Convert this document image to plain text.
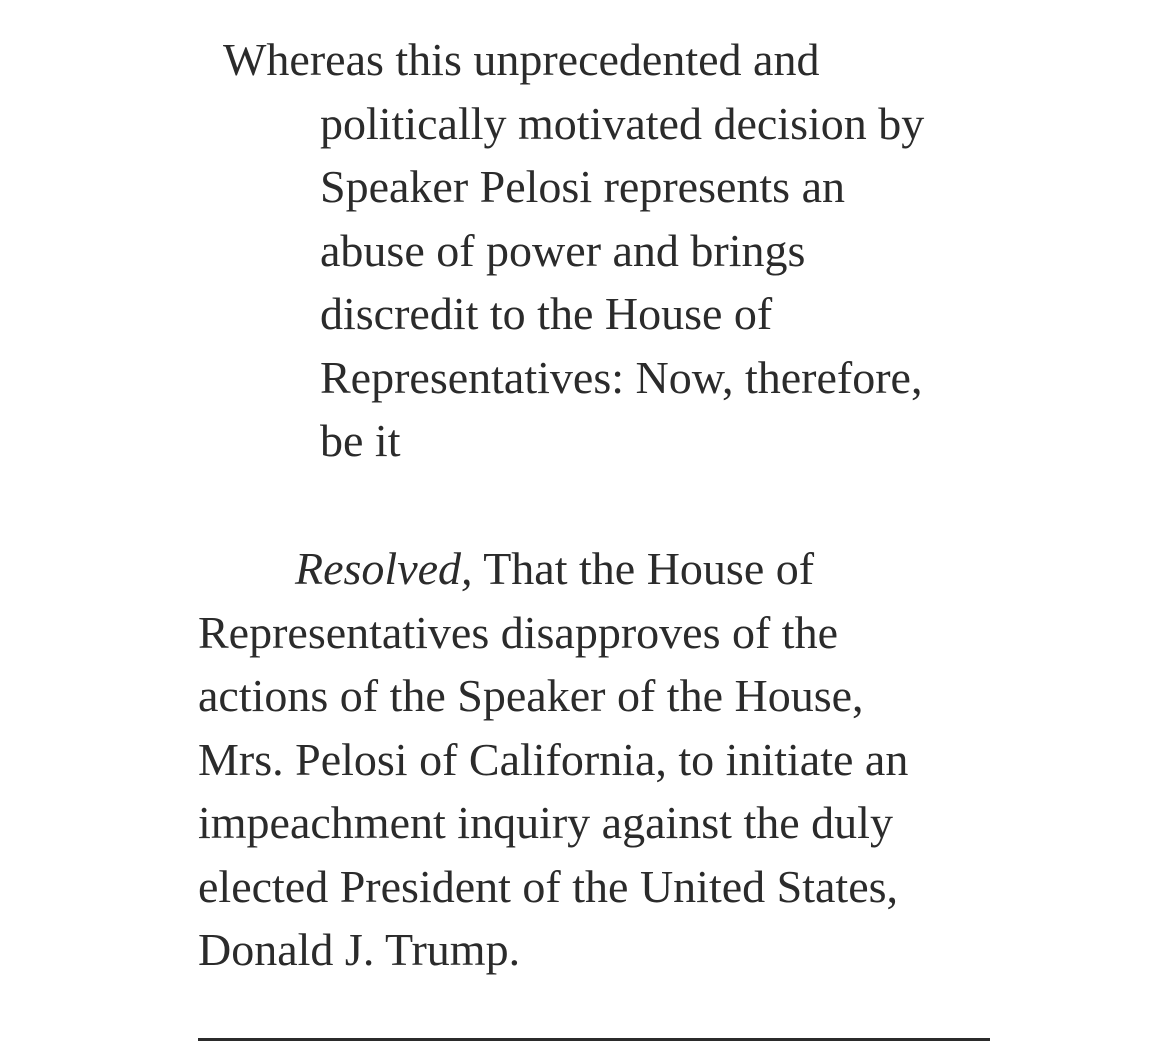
Whereas this unprecedented and
politically motivated decision by
Speaker Pelosi represents an
abuse of power and brings
discredit to the House of
Representatives: Now, therefore,
be it

Resolved, That the House of
Representatives disapproves of the
actions of the Speaker of the House,
Mrs. Pelosi of California, to initiate an
impeachment inquiry against the duly
elected President of the United States,
Donald J. Trump.
